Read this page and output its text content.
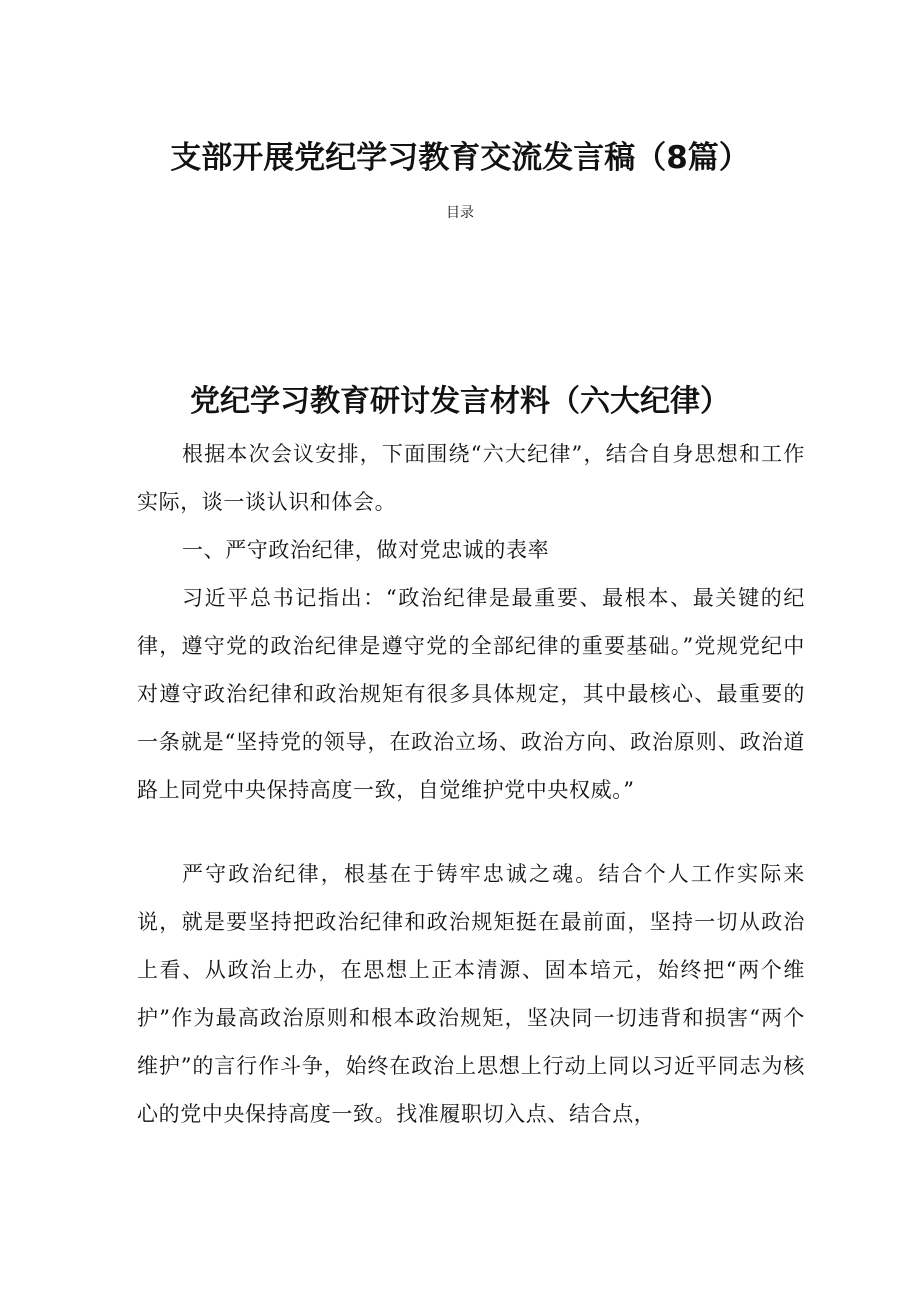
支部开展党纪学习教育交流发言稿（8篇）
目录
党纪学习教育研讨发言材料（六大纪律）

根据本次会议安排，下面围绕“六大纪律”，结合自身思想和工作实际，谈一谈认识和体会。

一、严守政治纪律，做对党忠诚的表率

习近平总书记指出：“政治纪律是最重要、最根本、最关键的纪律，遵守党的政治纪律是遵守党的全部纪律的重要基础。”党规党纪中对遵守政治纪律和政治规矩有很多具体规定，其中最核心、最重要的一条就是“坚持党的领导，在政治立场、政治方向、政治原则、政治道路上同党中央保持高度一致，自觉维护党中央权威。”

严守政治纪律，根基在于铸牢忠诚之魂。结合个人工作实际来说，就是要坚持把政治纪律和政治规矩挺在最前面，坚持一切从政治上看、从政治上办，在思想上正本清源、固本培元，始终把“两个维护”作为最高政治原则和根本政治规矩，坚决同一切违背和损害“两个维护”的言行作斗争，始终在政治上思想上行动上同以习近平同志为核心的党中央保持高度一致。找准履职切入点、结合点，
